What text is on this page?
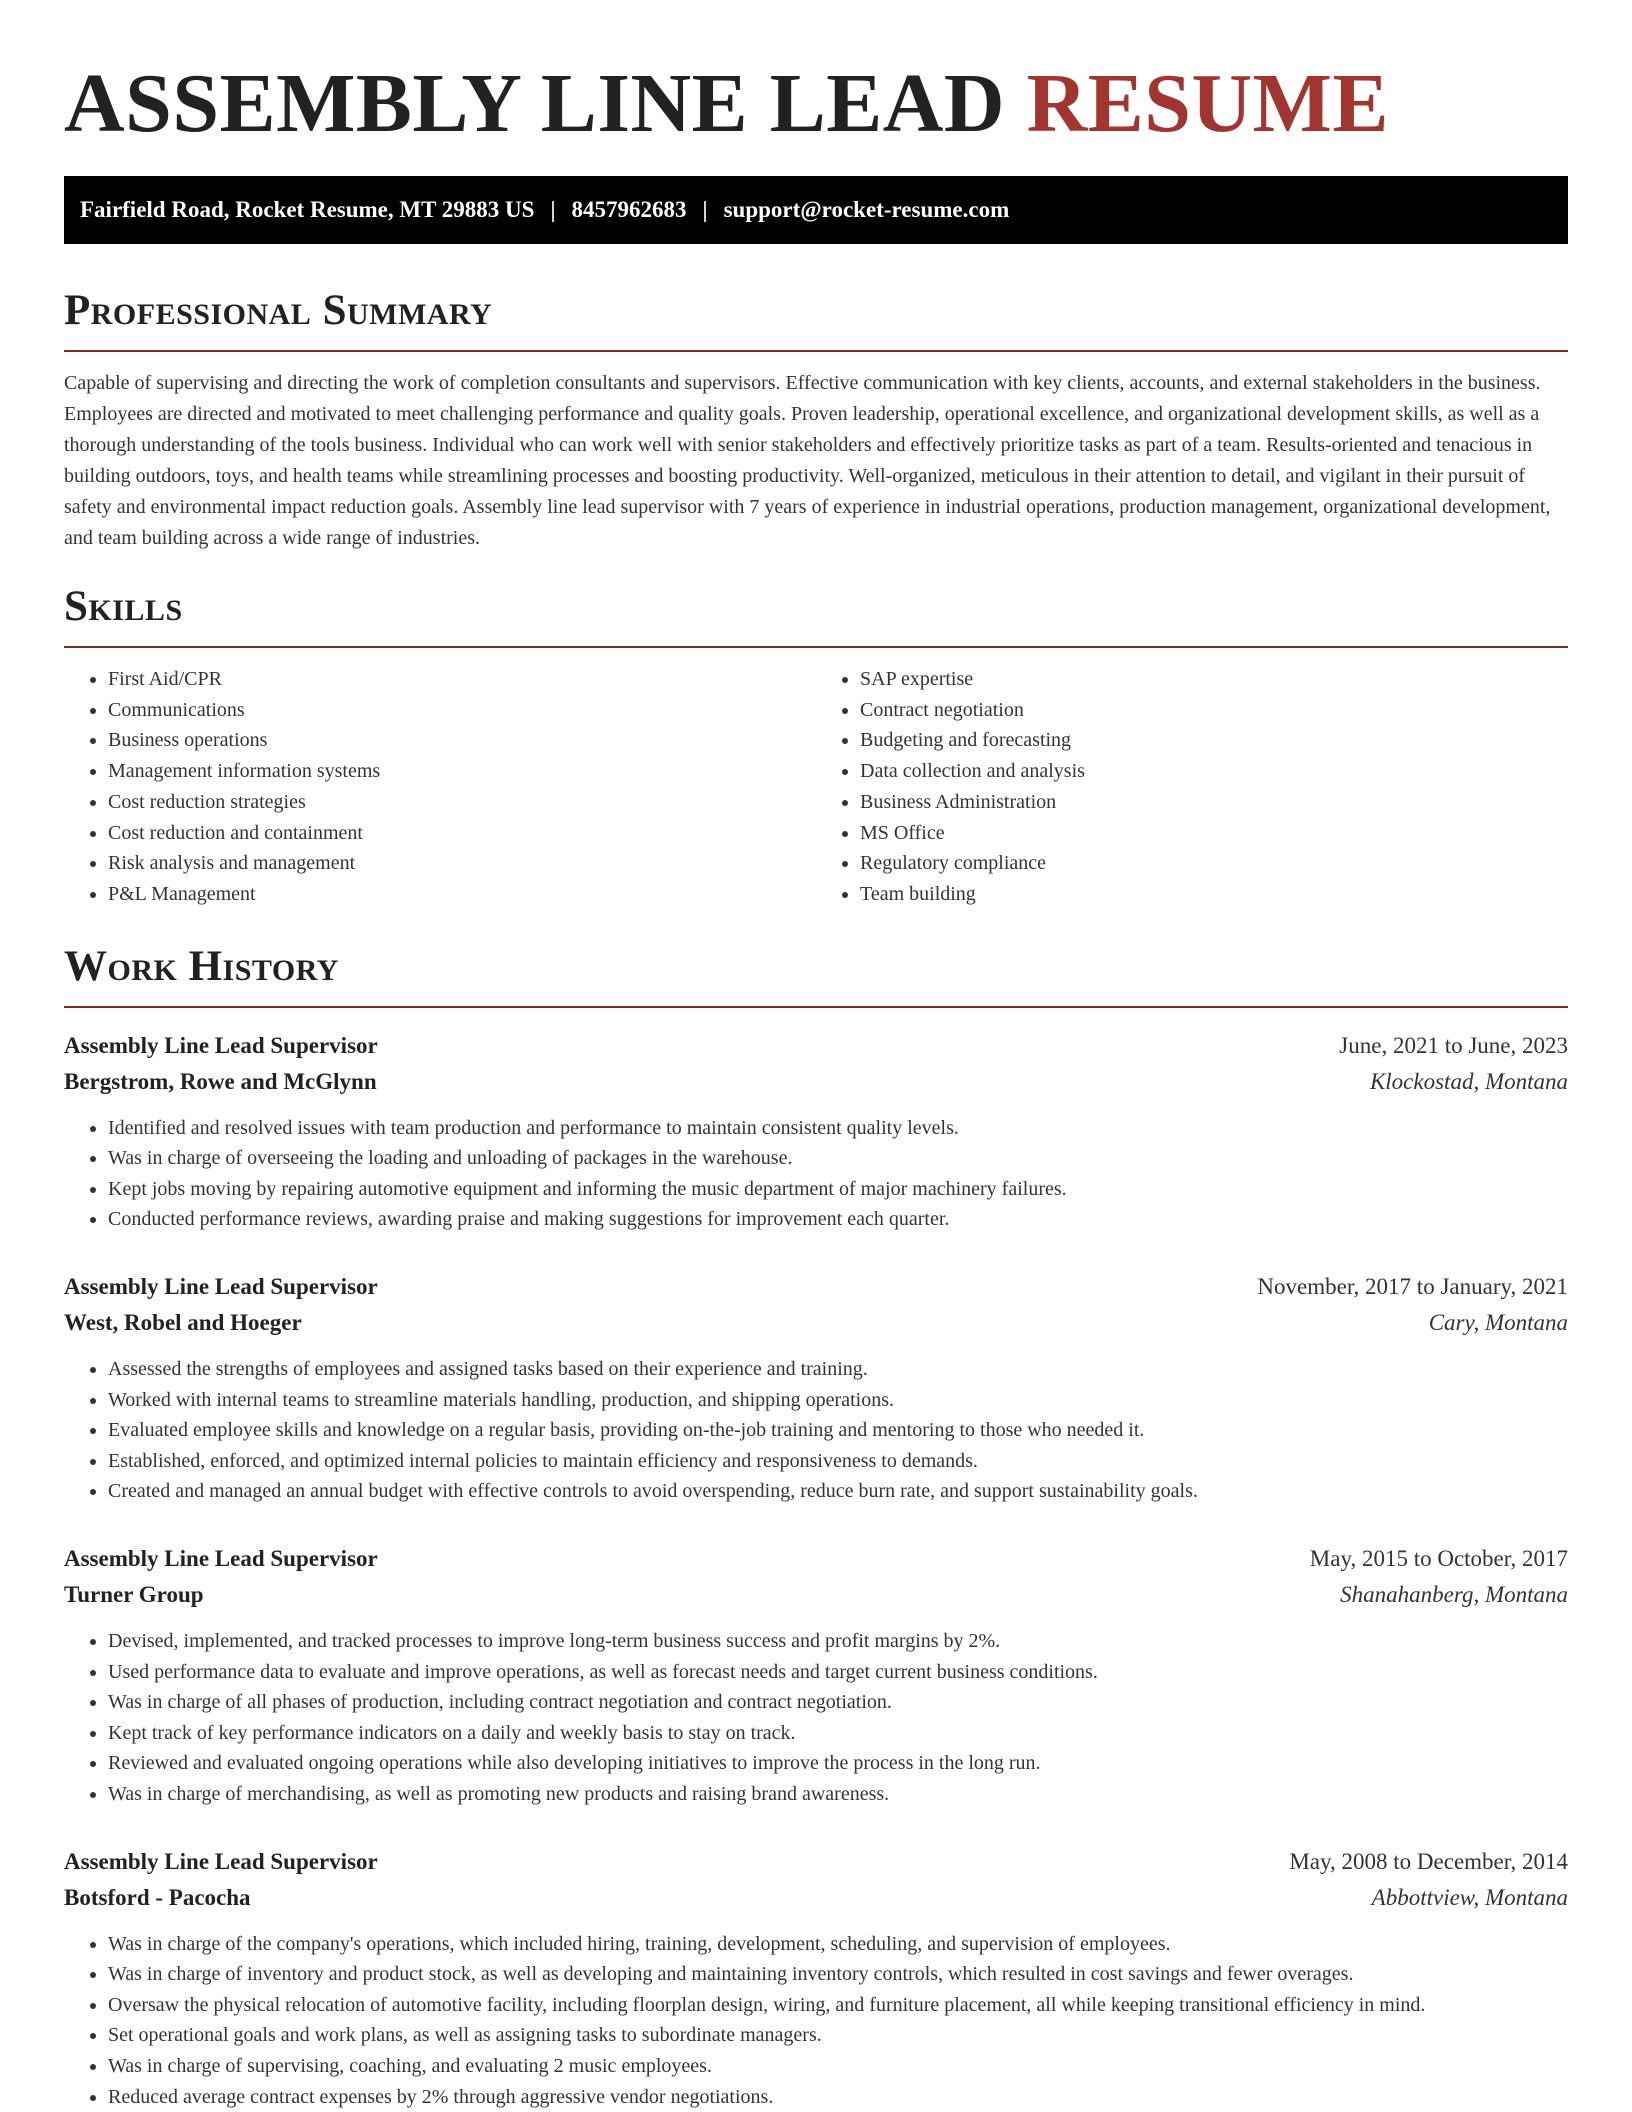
ASSEMBLY LINE LEAD RESUME
Fairfield Road, Rocket Resume, MT 29883 US | 8457962683 | support@rocket-resume.com
Professional Summary

Capable of supervising and directing the work of completion consultants and supervisors. Effective communication with key clients, accounts, and external stakeholders in the business. Employees are directed and motivated to meet challenging performance and quality goals. Proven leadership, operational excellence, and organizational development skills, as well as a thorough understanding of the tools business. Individual who can work well with senior stakeholders and effectively prioritize tasks as part of a team. Results-oriented and tenacious in building outdoors, toys, and health teams while streamlining processes and boosting productivity. Well-organized, meticulous in their attention to detail, and vigilant in their pursuit of safety and environmental impact reduction goals. Assembly line lead supervisor with 7 years of experience in industrial operations, production management, organizational development, and team building across a wide range of industries.

Skills
• First Aid/CPR
• Communications
• Business operations
• Management information systems
• Cost reduction strategies
• Cost reduction and containment
• Risk analysis and management
• P&L Management
• SAP expertise
• Contract negotiation
• Budgeting and forecasting
• Data collection and analysis
• Business Administration
• MS Office
• Regulatory compliance
• Team building
Work History
Assembly Line Lead Supervisor	June, 2021 to June, 2023
Bergstrom, Rowe and McGlynn	Klockostad, Montana
• Identified and resolved issues with team production and performance to maintain consistent quality levels.
• Was in charge of overseeing the loading and unloading of packages in the warehouse.
• Kept jobs moving by repairing automotive equipment and informing the music department of major machinery failures.
• Conducted performance reviews, awarding praise and making suggestions for improvement each quarter.
Assembly Line Lead Supervisor	November, 2017 to January, 2021
West, Robel and Hoeger	Cary, Montana
• Assessed the strengths of employees and assigned tasks based on their experience and training.
• Worked with internal teams to streamline materials handling, production, and shipping operations.
• Evaluated employee skills and knowledge on a regular basis, providing on-the-job training and mentoring to those who needed it.
• Established, enforced, and optimized internal policies to maintain efficiency and responsiveness to demands.
• Created and managed an annual budget with effective controls to avoid overspending, reduce burn rate, and support sustainability goals.
Assembly Line Lead Supervisor	May, 2015 to October, 2017
Turner Group	Shanahanberg, Montana
• Devised, implemented, and tracked processes to improve long-term business success and profit margins by 2%.
• Used performance data to evaluate and improve operations, as well as forecast needs and target current business conditions.
• Was in charge of all phases of production, including contract negotiation and contract negotiation.
• Kept track of key performance indicators on a daily and weekly basis to stay on track.
• Reviewed and evaluated ongoing operations while also developing initiatives to improve the process in the long run.
• Was in charge of merchandising, as well as promoting new products and raising brand awareness.
Assembly Line Lead Supervisor	May, 2008 to December, 2014
Botsford - Pacocha	Abbottview, Montana
• Was in charge of the company's operations, which included hiring, training, development, scheduling, and supervision of employees.
• Was in charge of inventory and product stock, as well as developing and maintaining inventory controls, which resulted in cost savings and fewer overages.
• Oversaw the physical relocation of automotive facility, including floorplan design, wiring, and furniture placement, all while keeping transitional efficiency in mind.
• Set operational goals and work plans, as well as assigning tasks to subordinate managers.
• Was in charge of supervising, coaching, and evaluating 2 music employees.
• Reduced average contract expenses by 2% through aggressive vendor negotiations.
